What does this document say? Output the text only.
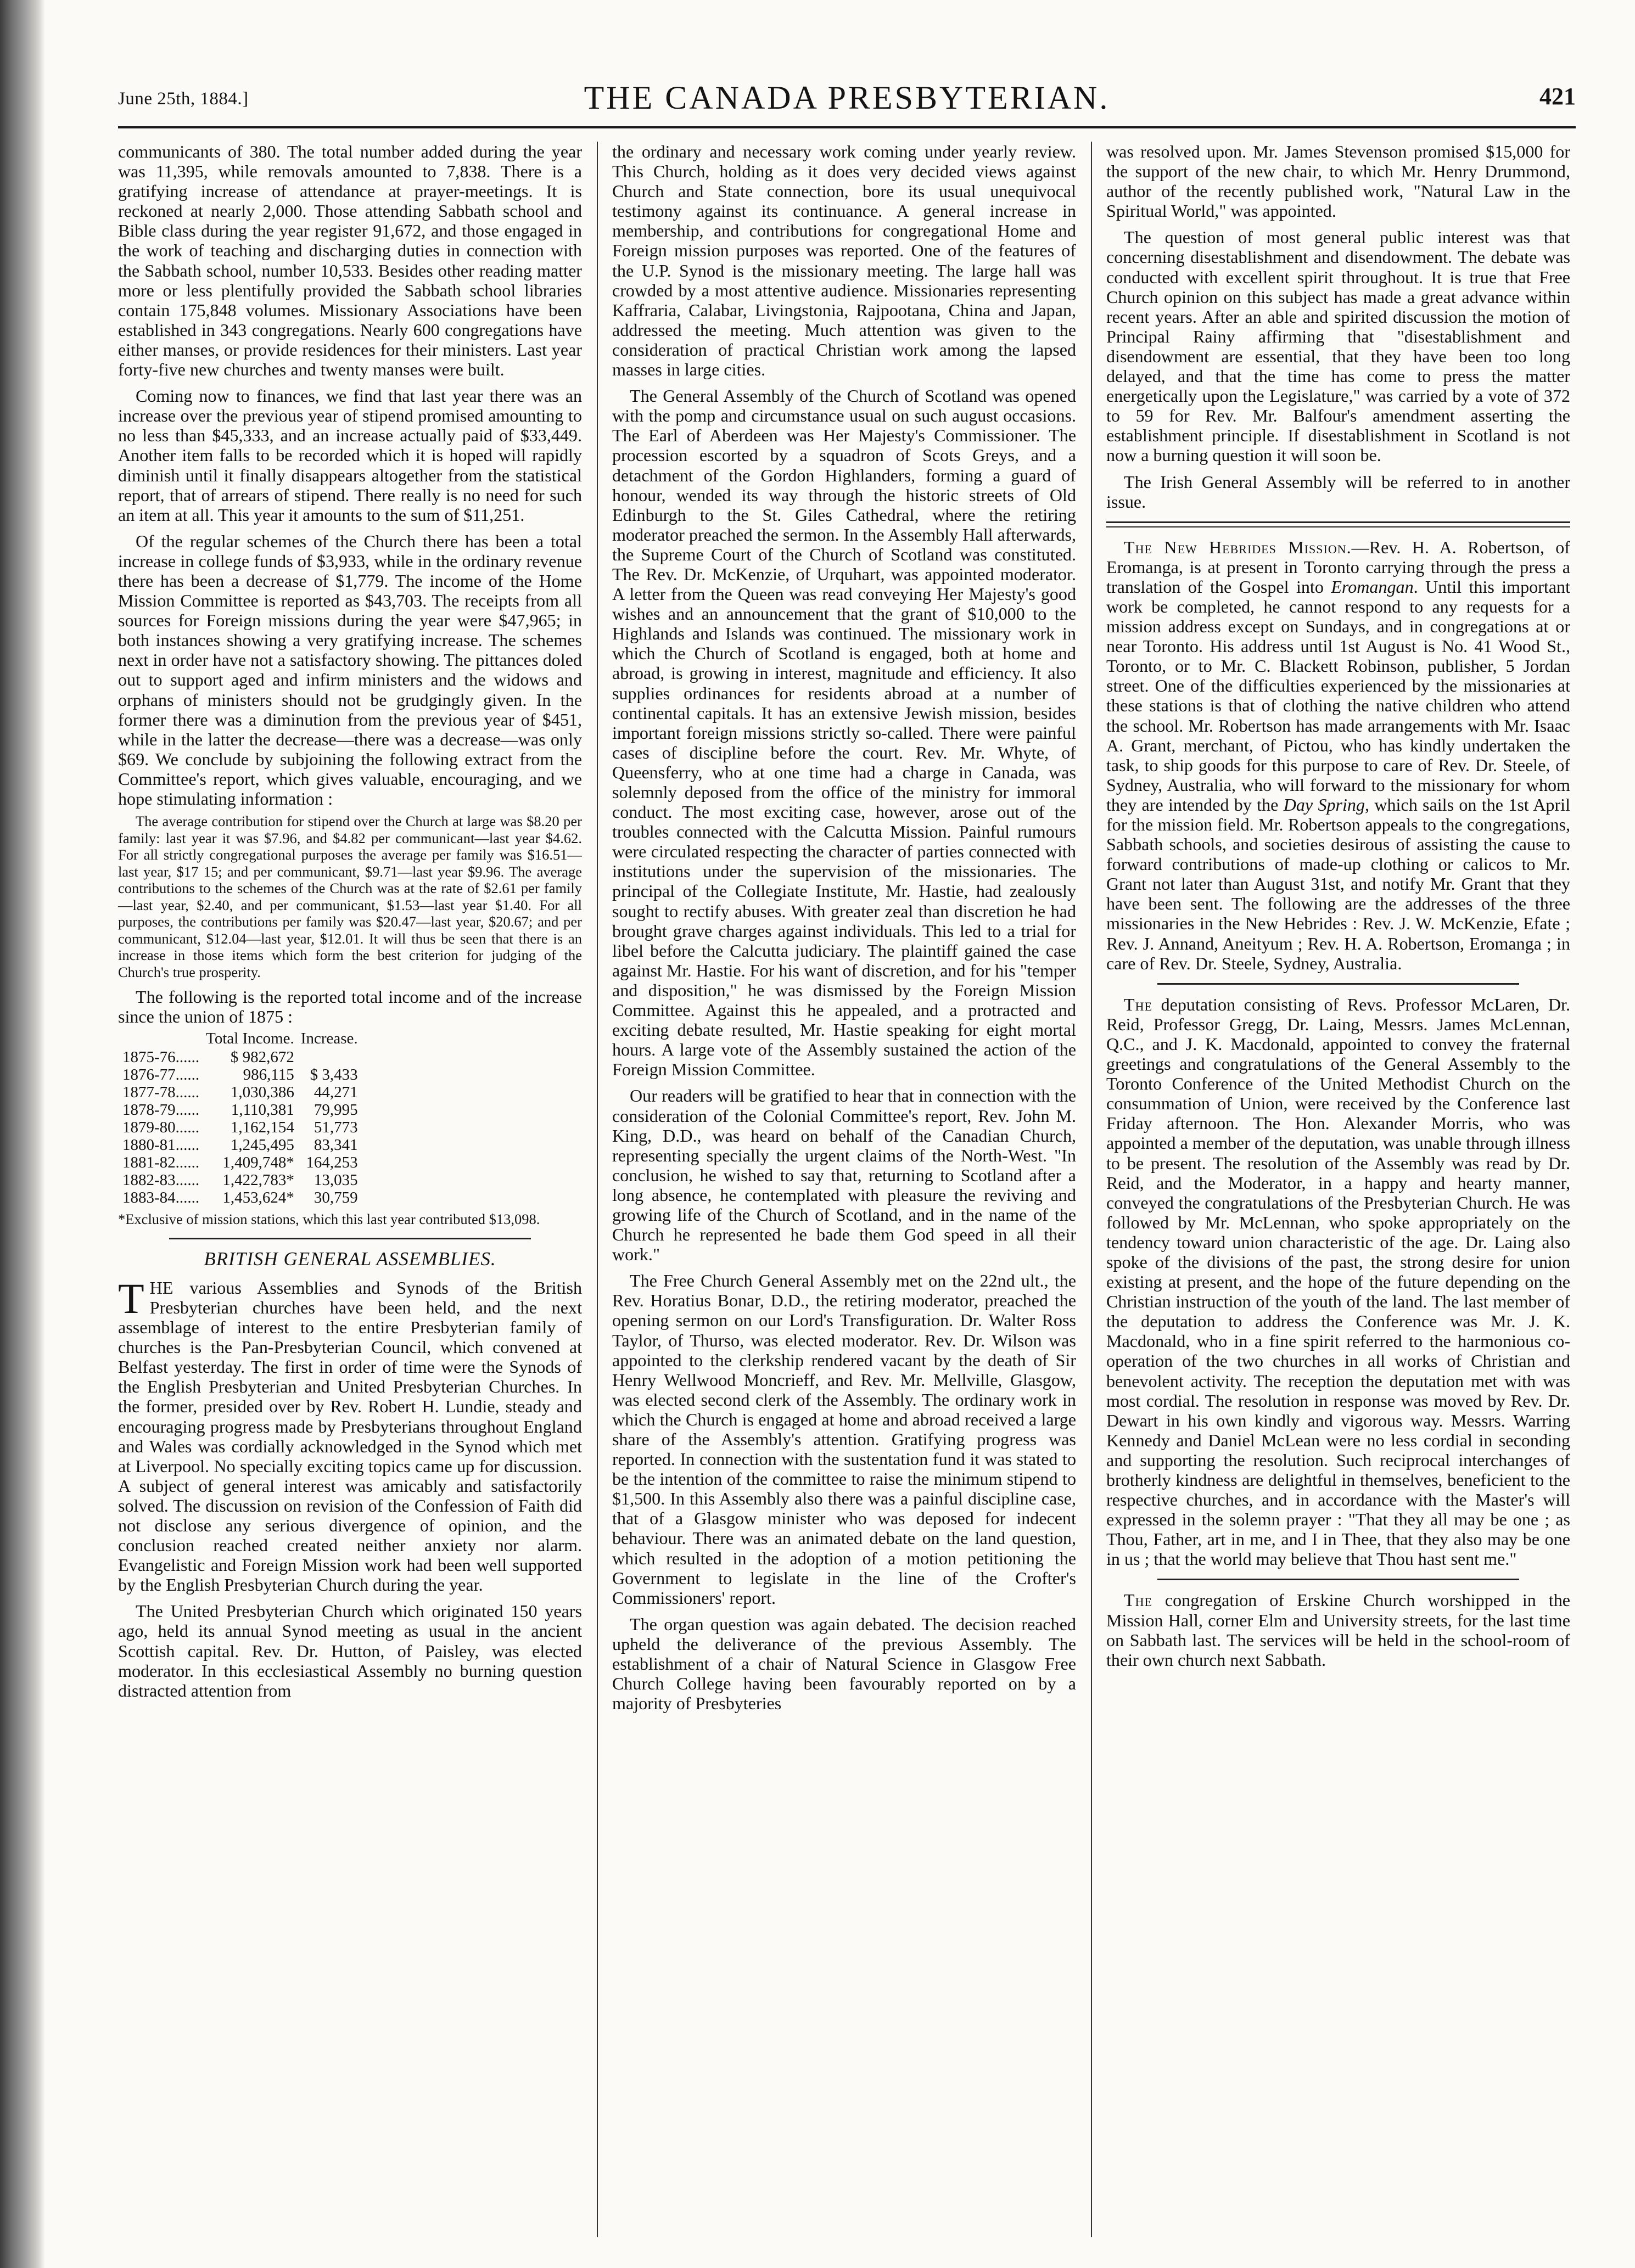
June 25th, 1884.]	THE CANADA PRESBYTERIAN.	421

communicants of 380. The total number added during the year was 11,395, while removals amounted to 7,838. There is a gratifying increase of attendance at prayer-meetings. It is reckoned at nearly 2,000. Those attending Sabbath school and Bible class during the year register 91,672, and those engaged in the work of teaching and discharging duties in connection with the Sabbath school, number 10,533. Besides other reading matter more or less plentifully provided the Sabbath school libraries contain 175,848 volumes. Missionary Associations have been established in 343 congregations. Nearly 600 congregations have either manses, or provide residences for their ministers. Last year forty-five new churches and twenty manses were built.

Coming now to finances, we find that last year there was an increase over the previous year of stipend promised amounting to no less than $45,333, and an increase actually paid of $33,449. Another item falls to be recorded which it is hoped will rapidly diminish until it finally disappears altogether from the statistical report, that of arrears of stipend. There really is no need for such an item at all. This year it amounts to the sum of $11,251.

Of the regular schemes of the Church there has been a total increase in college funds of $3,933, while in the ordinary revenue there has been a decrease of $1,779. The income of the Home Mission Committee is reported as $43,703. The receipts from all sources for Foreign missions during the year were $47,965; in both instances showing a very gratifying increase. The schemes next in order have not a satisfactory showing. The pittances doled out to support aged and infirm ministers and the widows and orphans of ministers should not be grudgingly given. In the former there was a diminution from the previous year of $451, while in the latter the decrease—there was a decrease—was only $69. We conclude by subjoining the following extract from the Committee's report, which gives valuable, encouraging, and we hope stimulating information :

The average contribution for stipend over the Church at large was $8.20 per family: last year it was $7.96, and $4.82 per communicant—last year $4.62. For all strictly congregational purposes the average per family was $16.51—last year, $17 15; and per communicant, $9.71—last year $9.96. The average contributions to the schemes of the Church was at the rate of $2.61 per family—last year, $2.40, and per communicant, $1.53—last year $1.40. For all purposes, the contributions per family was $20.47—last year, $20.67; and per communicant, $12.04—last year, $12.01. It will thus be seen that there is an increase in those items which form the best criterion for judging of the Church's true prosperity.

The following is the reported total income and of the increase since the union of 1875 :

	Total Income.	Increase.
1875-76......	$ 982,672	
1876-77......	986,115	$ 3,433
1877-78......	1,030,386	44,271
1878-79......	1,110,381	79,995
1879-80......	1,162,154	51,773
1880-81......	1,245,495	83,341
1881-82......	1,409,748*	164,253
1882-83......	1,422,783*	13,035
1883-84......	1,453,624*	30,759

*Exclusive of mission stations, which this last year contributed $13,098.

BRITISH GENERAL ASSEMBLIES.

THE various Assemblies and Synods of the British Presbyterian churches have been held, and the next assemblage of interest to the entire Presbyterian family of churches is the Pan-Presbyterian Council, which convened at Belfast yesterday. The first in order of time were the Synods of the English Presbyterian and United Presbyterian Churches. In the former, presided over by Rev. Robert H. Lundie, steady and encouraging progress made by Presbyterians throughout England and Wales was cordially acknowledged in the Synod which met at Liverpool. No specially exciting topics came up for discussion. A subject of general interest was amicably and satisfactorily solved. The discussion on revision of the Confession of Faith did not disclose any serious divergence of opinion, and the conclusion reached created neither anxiety nor alarm. Evangelistic and Foreign Mission work had been well supported by the English Presbyterian Church during the year.

The United Presbyterian Church which originated 150 years ago, held its annual Synod meeting as usual in the ancient Scottish capital. Rev. Dr. Hutton, of Paisley, was elected moderator. In this ecclesiastical Assembly no burning question distracted attention from

the ordinary and necessary work coming under yearly review. This Church, holding as it does very decided views against Church and State connection, bore its usual unequivocal testimony against its continuance. A general increase in membership, and contributions for congregational Home and Foreign mission purposes was reported. One of the features of the U.P. Synod is the missionary meeting. The large hall was crowded by a most attentive audience. Missionaries representing Kaffraria, Calabar, Livingstonia, Rajpootana, China and Japan, addressed the meeting. Much attention was given to the consideration of practical Christian work among the lapsed masses in large cities.

The General Assembly of the Church of Scotland was opened with the pomp and circumstance usual on such august occasions. The Earl of Aberdeen was Her Majesty's Commissioner. The procession escorted by a squadron of Scots Greys, and a detachment of the Gordon Highlanders, forming a guard of honour, wended its way through the historic streets of Old Edinburgh to the St. Giles Cathedral, where the retiring moderator preached the sermon. In the Assembly Hall afterwards, the Supreme Court of the Church of Scotland was constituted. The Rev. Dr. McKenzie, of Urquhart, was appointed moderator. A letter from the Queen was read conveying Her Majesty's good wishes and an announcement that the grant of $10,000 to the Highlands and Islands was continued. The missionary work in which the Church of Scotland is engaged, both at home and abroad, is growing in interest, magnitude and efficiency. It also supplies ordinances for residents abroad at a number of continental capitals. It has an extensive Jewish mission, besides important foreign missions strictly so-called. There were painful cases of discipline before the court. Rev. Mr. Whyte, of Queensferry, who at one time had a charge in Canada, was solemnly deposed from the office of the ministry for immoral conduct. The most exciting case, however, arose out of the troubles connected with the Calcutta Mission. Painful rumours were circulated respecting the character of parties connected with institutions under the supervision of the missionaries. The principal of the Collegiate Institute, Mr. Hastie, had zealously sought to rectify abuses. With greater zeal than discretion he had brought grave charges against individuals. This led to a trial for libel before the Calcutta judiciary. The plaintiff gained the case against Mr. Hastie. For his want of discretion, and for his "temper and disposition," he was dismissed by the Foreign Mission Committee. Against this he appealed, and a protracted and exciting debate resulted, Mr. Hastie speaking for eight mortal hours. A large vote of the Assembly sustained the action of the Foreign Mission Committee.

Our readers will be gratified to hear that in connection with the consideration of the Colonial Committee's report, Rev. John M. King, D.D., was heard on behalf of the Canadian Church, representing specially the urgent claims of the North-West. "In conclusion, he wished to say that, returning to Scotland after a long absence, he contemplated with pleasure the reviving and growing life of the Church of Scotland, and in the name of the Church he represented he bade them God speed in all their work."

The Free Church General Assembly met on the 22nd ult., the Rev. Horatius Bonar, D.D., the retiring moderator, preached the opening sermon on our Lord's Transfiguration. Dr. Walter Ross Taylor, of Thurso, was elected moderator. Rev. Dr. Wilson was appointed to the clerkship rendered vacant by the death of Sir Henry Wellwood Moncrieff, and Rev. Mr. Mellville, Glasgow, was elected second clerk of the Assembly. The ordinary work in which the Church is engaged at home and abroad received a large share of the Assembly's attention. Gratifying progress was reported. In connection with the sustentation fund it was stated to be the intention of the committee to raise the minimum stipend to $1,500. In this Assembly also there was a painful discipline case, that of a Glasgow minister who was deposed for indecent behaviour. There was an animated debate on the land question, which resulted in the adoption of a motion petitioning the Government to legislate in the line of the Crofter's Commissioners' report.

The organ question was again debated. The decision reached upheld the deliverance of the previous Assembly. The establishment of a chair of Natural Science in Glasgow Free Church College having been favourably reported on by a majority of Presbyteries

was resolved upon. Mr. James Stevenson promised $15,000 for the support of the new chair, to which Mr. Henry Drummond, author of the recently published work, "Natural Law in the Spiritual World," was appointed.

The question of most general public interest was that concerning disestablishment and disendowment. The debate was conducted with excellent spirit throughout. It is true that Free Church opinion on this subject has made a great advance within recent years. After an able and spirited discussion the motion of Principal Rainy affirming that "disestablishment and disendowment are essential, that they have been too long delayed, and that the time has come to press the matter energetically upon the Legislature," was carried by a vote of 372 to 59 for Rev. Mr. Balfour's amendment asserting the establishment principle. If disestablishment in Scotland is not now a burning question it will soon be.

The Irish General Assembly will be referred to in another issue.

The New Hebrides Mission.—Rev. H. A. Robertson, of Eromanga, is at present in Toronto carrying through the press a translation of the Gospel into Eromangan. Until this important work be completed, he cannot respond to any requests for a mission address except on Sundays, and in congregations at or near Toronto. His address until 1st August is No. 41 Wood St., Toronto, or to Mr. C. Blackett Robinson, publisher, 5 Jordan street. One of the difficulties experienced by the missionaries at these stations is that of clothing the native children who attend the school. Mr. Robertson has made arrangements with Mr. Isaac A. Grant, merchant, of Pictou, who has kindly undertaken the task, to ship goods for this purpose to care of Rev. Dr. Steele, of Sydney, Australia, who will forward to the missionary for whom they are intended by the Day Spring, which sails on the 1st April for the mission field. Mr. Robertson appeals to the congregations, Sabbath schools, and societies desirous of assisting the cause to forward contributions of made-up clothing or calicos to Mr. Grant not later than August 31st, and notify Mr. Grant that they have been sent. The following are the addresses of the three missionaries in the New Hebrides : Rev. J. W. McKenzie, Efate ; Rev. J. Annand, Aneityum ; Rev. H. A. Robertson, Eromanga ; in care of Rev. Dr. Steele, Sydney, Australia.

The deputation consisting of Revs. Professor McLaren, Dr. Reid, Professor Gregg, Dr. Laing, Messrs. James McLennan, Q.C., and J. K. Macdonald, appointed to convey the fraternal greetings and congratulations of the General Assembly to the Toronto Conference of the United Methodist Church on the consummation of Union, were received by the Conference last Friday afternoon. The Hon. Alexander Morris, who was appointed a member of the deputation, was unable through illness to be present. The resolution of the Assembly was read by Dr. Reid, and the Moderator, in a happy and hearty manner, conveyed the congratulations of the Presbyterian Church. He was followed by Mr. McLennan, who spoke appropriately on the tendency toward union characteristic of the age. Dr. Laing also spoke of the divisions of the past, the strong desire for union existing at present, and the hope of the future depending on the Christian instruction of the youth of the land. The last member of the deputation to address the Conference was Mr. J. K. Macdonald, who in a fine spirit referred to the harmonious co-operation of the two churches in all works of Christian and benevolent activity. The reception the deputation met with was most cordial. The resolution in response was moved by Rev. Dr. Dewart in his own kindly and vigorous way. Messrs. Warring Kennedy and Daniel McLean were no less cordial in seconding and supporting the resolution. Such reciprocal interchanges of brotherly kindness are delightful in themselves, beneficient to the respective churches, and in accordance with the Master's will expressed in the solemn prayer : "That they all may be one ; as Thou, Father, art in me, and I in Thee, that they also may be one in us ; that the world may believe that Thou hast sent me."

The congregation of Erskine Church worshipped in the Mission Hall, corner Elm and University streets, for the last time on Sabbath last. The services will be held in the school-room of their own church next Sabbath.
